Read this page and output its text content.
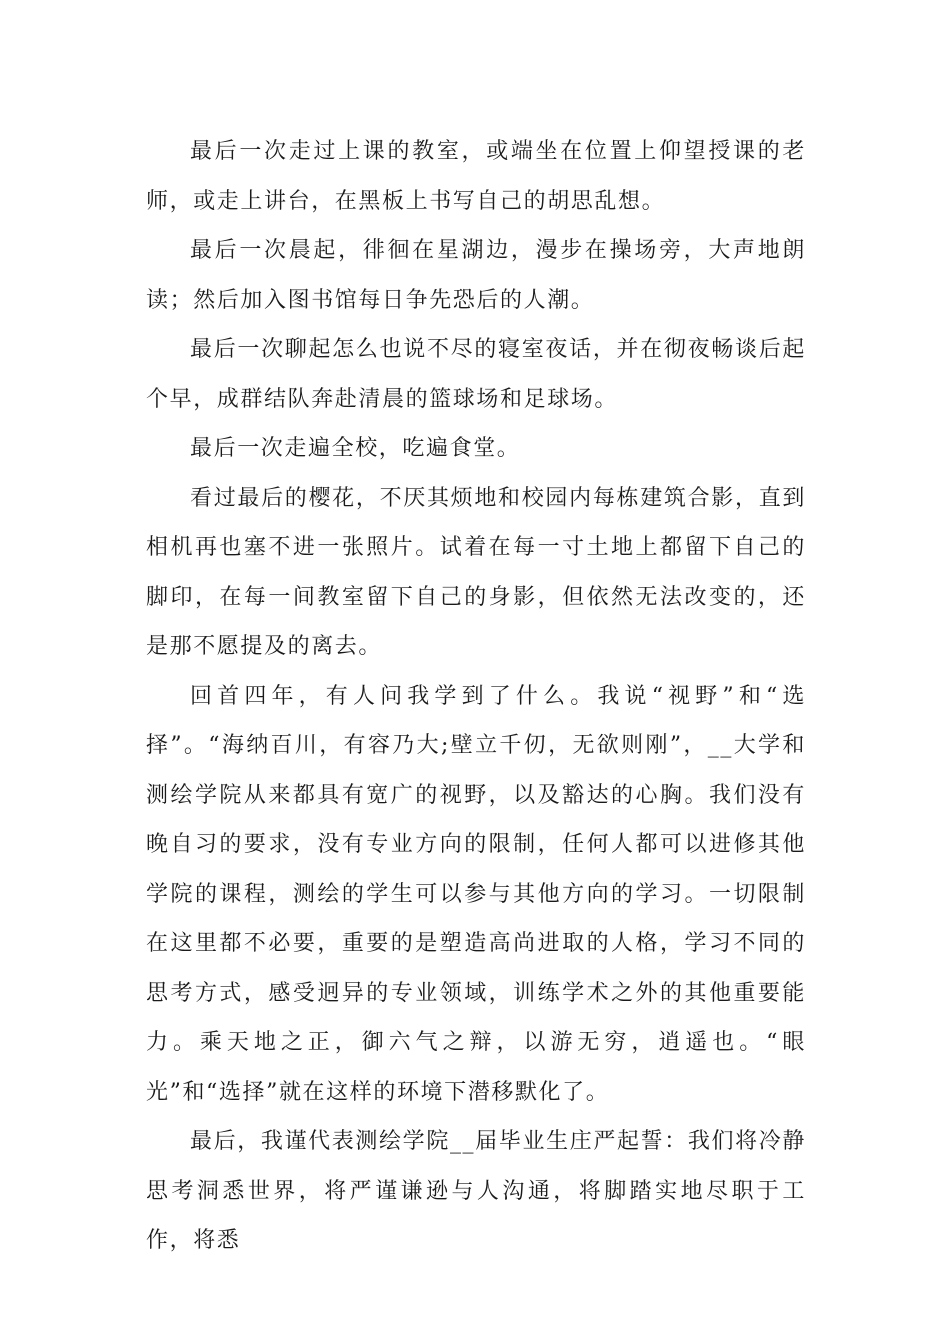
最后一次走过上课的教室，或端坐在位置上仰望授课的老师，或走上讲台，在黑板上书写自己的胡思乱想。

最后一次晨起，徘徊在星湖边，漫步在操场旁，大声地朗读；然后加入图书馆每日争先恐后的人潮。

最后一次聊起怎么也说不尽的寝室夜话，并在彻夜畅谈后起个早，成群结队奔赴清晨的篮球场和足球场。

最后一次走遍全校，吃遍食堂。

看过最后的樱花，不厌其烦地和校园内每栋建筑合影，直到相机再也塞不进一张照片。试着在每一寸土地上都留下自己的脚印，在每一间教室留下自己的身影，但依然无法改变的，还是那不愿提及的离去。

回首四年，有人问我学到了什么。我说“视野”和“选择”。“海纳百川，有容乃大;壁立千仞，无欲则刚”，__大学和测绘学院从来都具有宽广的视野，以及豁达的心胸。我们没有晚自习的要求，没有专业方向的限制，任何人都可以进修其他学院的课程，测绘的学生可以参与其他方向的学习。一切限制在这里都不必要，重要的是塑造高尚进取的人格，学习不同的思考方式，感受迥异的专业领域，训练学术之外的其他重要能力。乘天地之正，御六气之辩，以游无穷，逍遥也。“眼光”和“选择”就在这样的环境下潜移默化了。

最后，我谨代表测绘学院__届毕业生庄严起誓：我们将冷静思考洞悉世界，将严谨谦逊与人沟通，将脚踏实地尽职于工作，将悉
